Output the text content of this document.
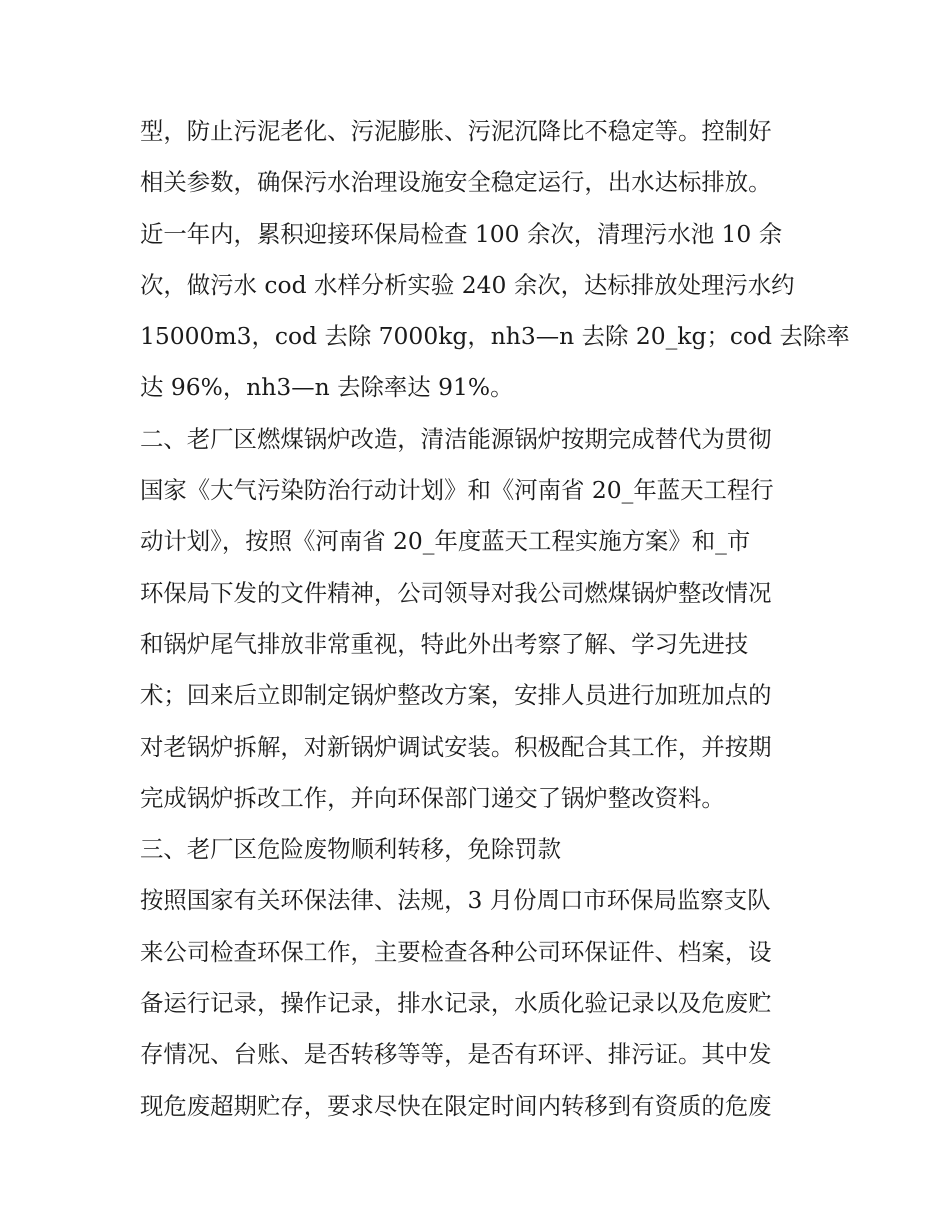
型，防止污泥老化、污泥膨胀、污泥沉降比不稳定等。控制好
相关参数，确保污水治理设施安全稳定运行，出水达标排放。
近一年内，累积迎接环保局检查 100 余次，清理污水池 10 余
次，做污水 cod 水样分析实验 240 余次，达标排放处理污水约
15000m3，cod 去除 7000kg，nh3—n 去除 20_kg；cod 去除率
达 96%，nh3—n 去除率达 91%。
二、老厂区燃煤锅炉改造，清洁能源锅炉按期完成替代为贯彻
国家《大气污染防治行动计划》和《河南省 20_年蓝天工程行
动计划》，按照《河南省 20_年度蓝天工程实施方案》和_市
环保局下发的文件精神，公司领导对我公司燃煤锅炉整改情况
和锅炉尾气排放非常重视，特此外出考察了解、学习先进技
术；回来后立即制定锅炉整改方案，安排人员进行加班加点的
对老锅炉拆解，对新锅炉调试安装。积极配合其工作，并按期
完成锅炉拆改工作，并向环保部门递交了锅炉整改资料。
三、老厂区危险废物顺利转移，免除罚款
按照国家有关环保法律、法规，3 月份周口市环保局监察支队
来公司检查环保工作，主要检查各种公司环保证件、档案，设
备运行记录，操作记录，排水记录，水质化验记录以及危废贮
存情况、台账、是否转移等等，是否有环评、排污证。其中发
现危废超期贮存，要求尽快在限定时间内转移到有资质的危废
